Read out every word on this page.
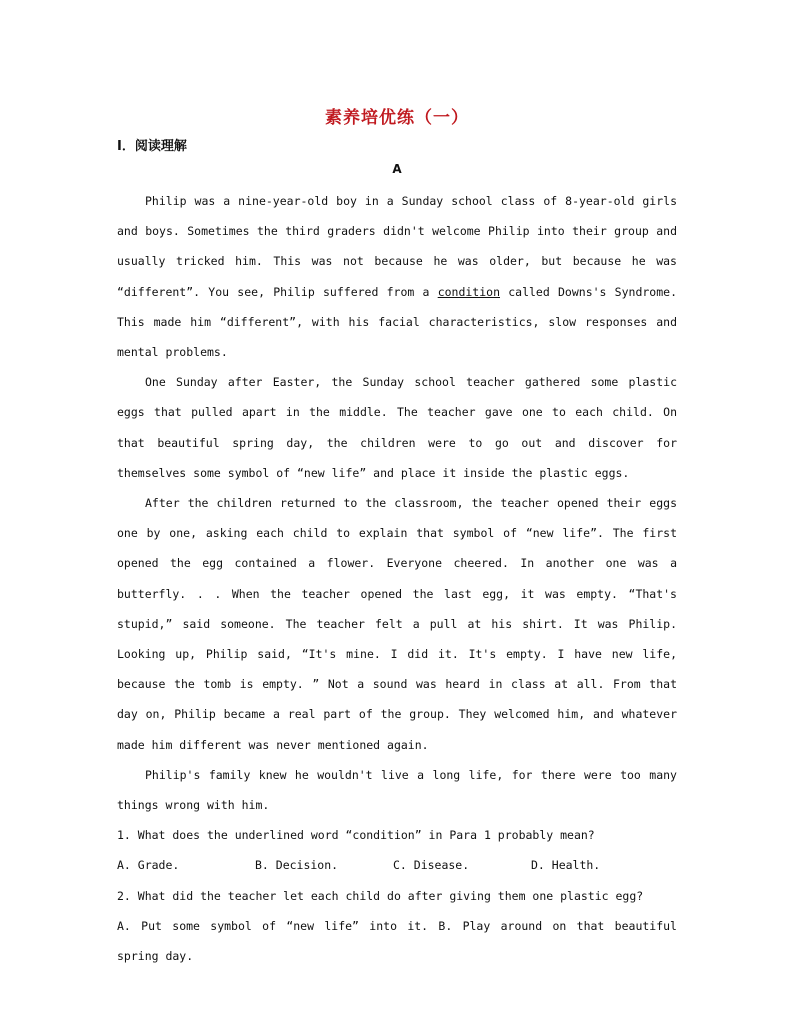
素养培优练（一）
Ⅰ．阅读理解
A

Philip was a nine-year-old boy in a Sunday school class of 8-year-old girls and boys. Sometimes the third graders didn't welcome Philip into their group and usually tricked him. This was not because he was older, but because he was “different”. You see, Philip suffered from a condition called Downs's Syndrome. This made him “different”, with his facial characteristics, slow responses and mental problems.

One Sunday after Easter, the Sunday school teacher gathered some plastic eggs that pulled apart in the middle. The teacher gave one to each child. On that beautiful spring day, the children were to go out and discover for themselves some symbol of “new life” and place it inside the plastic eggs.

After the children returned to the classroom, the teacher opened their eggs one by one, asking each child to explain that symbol of “new life”. The first opened the egg contained a flower. Everyone cheered. In another one was a butterfly. . . When the teacher opened the last egg, it was empty. “That's stupid,” said someone. The teacher felt a pull at his shirt. It was Philip. Looking up, Philip said, “It's mine. I did it. It's empty. I have new life, because the tomb is empty. ” Not a sound was heard in class at all. From that day on, Philip became a real part of the group. They welcomed him, and whatever made him different was never mentioned again.

Philip's family knew he wouldn't live a long life, for there were too many things wrong with him.

1. What does the underlined word “condition” in Para 1 probably mean?

A. Grade.	B. Decision.	C. Disease.	D. Health.

2. What did the teacher let each child do after giving them one plastic egg?

A. Put some symbol of “new life” into it. B. Play around on that beautiful spring day.
